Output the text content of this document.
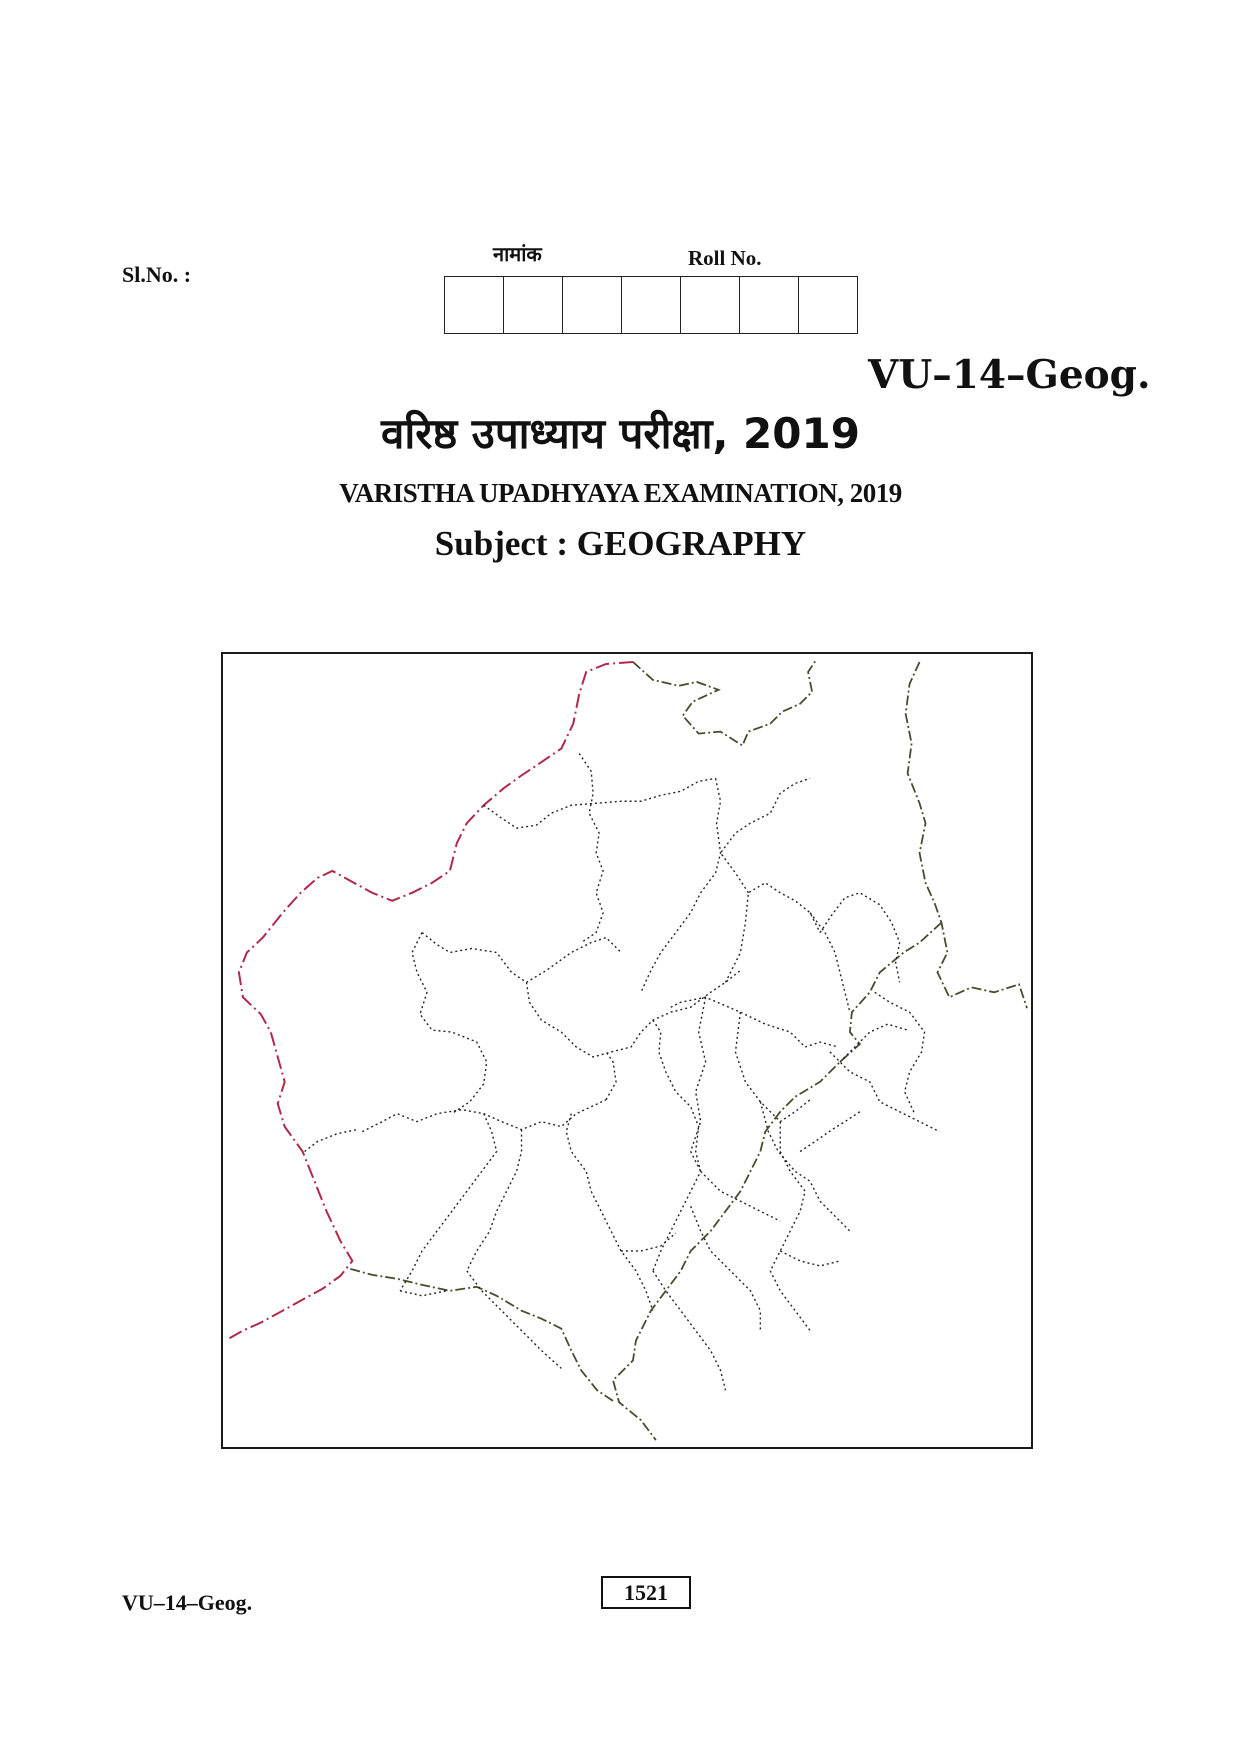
Sl.No. :
नामांक	Roll No.
VU–14–Geog.
वरिष्ठ उपाध्याय परीक्षा, 2019
VARISTHA UPADHYAYA EXAMINATION, 2019
Subject : GEOGRAPHY
VU–14–Geog.	1521
